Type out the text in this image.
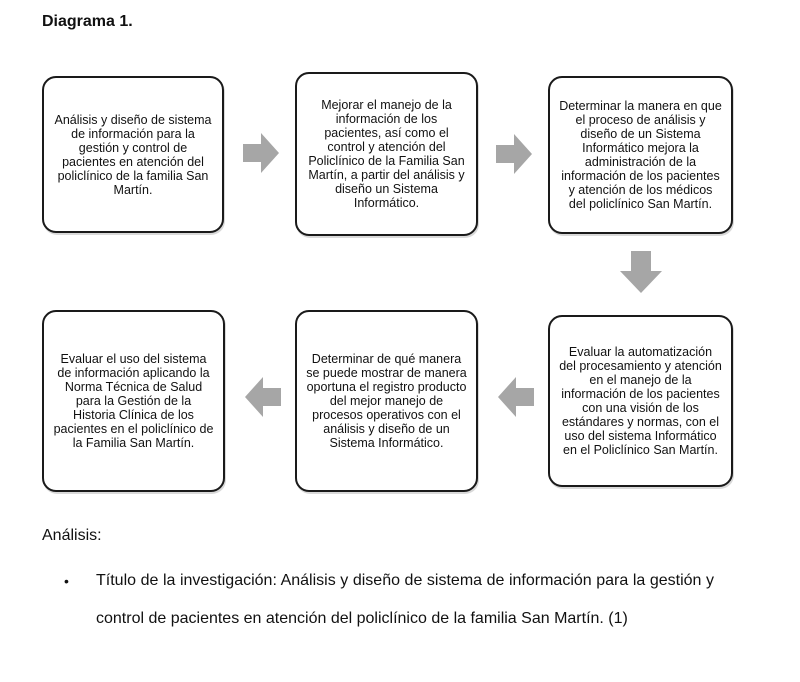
Diagrama 1.
Análisis y diseño de sistema de información para la gestión y control de pacientes en atención del policlínico de la familia San Martín.
Mejorar el manejo de la información de los pacientes, así como el control y atención del Policlínico de la Familia San Martín, a partir del análisis y diseño un Sistema Informático.
Determinar la manera en que el proceso de análisis y diseño de un Sistema Informático mejora la administración de la información de los pacientes y atención de los médicos del policlínico San Martín.
Evaluar el uso del sistema de información aplicando la Norma Técnica de Salud para la Gestión de la Historia Clínica de los pacientes en el policlínico de la Familia San Martín.
Determinar de qué manera se puede mostrar de manera oportuna el registro producto del mejor manejo de procesos operativos con el análisis y diseño de un Sistema Informático.
Evaluar la automatización del procesamiento y atención en el manejo de la información de los pacientes con una visión de los estándares y normas, con el uso del sistema Informático en el Policlínico San Martín.

Análisis:

• Título de la investigación: Análisis y diseño de sistema de información para la gestión y control de pacientes en atención del policlínico de la familia San Martín. (1)
